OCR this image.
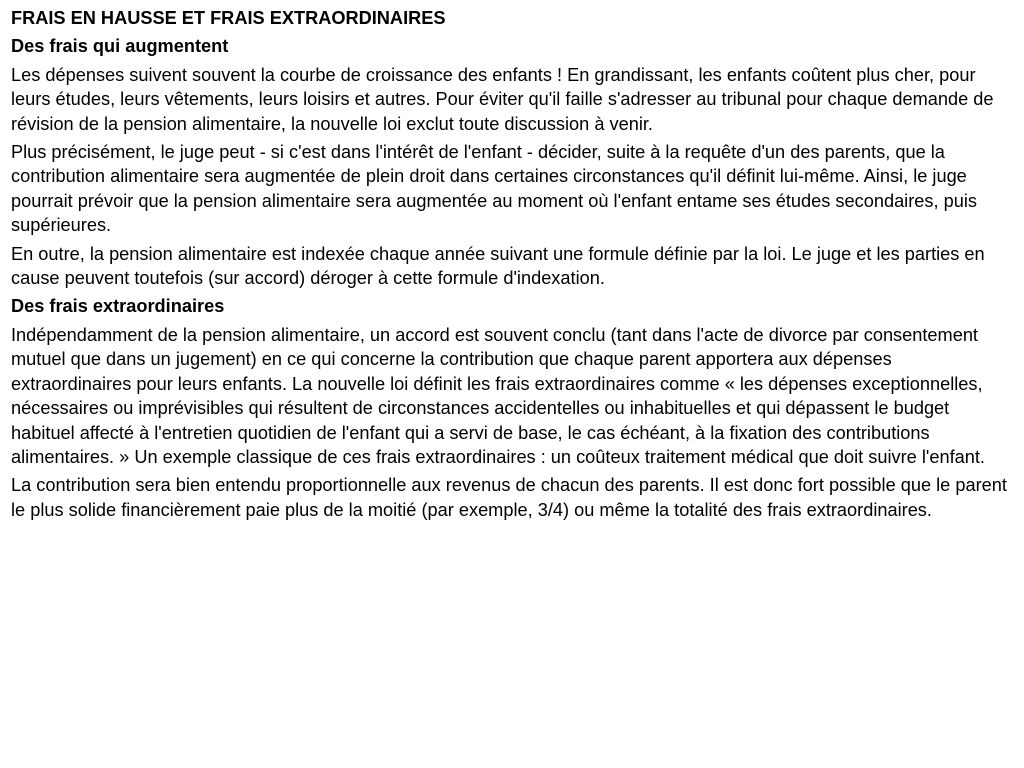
FRAIS EN HAUSSE ET FRAIS EXTRAORDINAIRES
Des frais qui augmentent
Les dépenses suivent souvent la courbe de croissance des enfants ! En grandissant, les enfants coûtent plus cher, pour leurs études, leurs vêtements, leurs loisirs et autres. Pour éviter qu'il faille s'adresser au tribunal pour chaque demande de révision de la pension alimentaire, la nouvelle loi exclut toute discussion à venir.
Plus précisément, le juge peut - si c'est dans l'intérêt de l'enfant - décider, suite à la requête d'un des parents, que la contribution alimentaire sera augmentée de plein droit dans certaines circonstances qu'il définit lui-même. Ainsi, le juge pourrait prévoir que la pension alimentaire sera augmentée au moment où l'enfant entame ses études secondaires, puis supérieures.
En outre, la pension alimentaire est indexée chaque année suivant une formule définie par la loi. Le juge et les parties en cause peuvent toutefois (sur accord) déroger à cette formule d'indexation.
Des frais extraordinaires
Indépendamment de la pension alimentaire, un accord est souvent conclu (tant dans l'acte de divorce par consentement mutuel que dans un jugement) en ce qui concerne la contribution que chaque parent apportera aux dépenses extraordinaires pour leurs enfants. La nouvelle loi définit les frais extraordinaires comme « les dépenses exceptionnelles, nécessaires ou imprévisibles qui résultent de circonstances accidentelles ou inhabituelles et qui dépassent le budget habituel affecté à l'entretien quotidien de l'enfant qui a servi de base, le cas échéant, à la fixation des contributions alimentaires. » Un exemple classique de ces frais extraordinaires : un coûteux traitement médical que doit suivre l'enfant.
La contribution sera bien entendu proportionnelle aux revenus de chacun des parents. Il est donc fort possible que le parent le plus solide financièrement paie plus de la moitié (par exemple, 3/4) ou même la totalité des frais extraordinaires.
